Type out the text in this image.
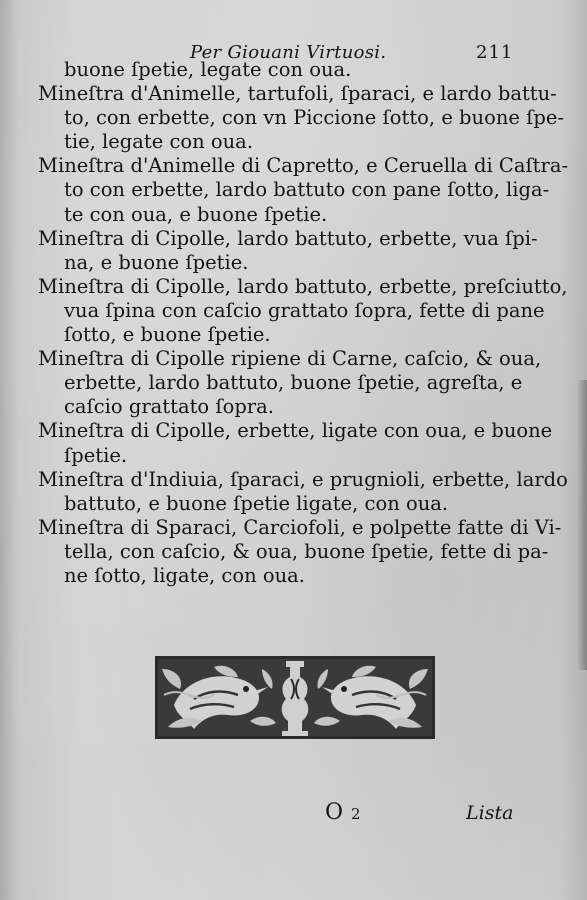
Per Giouani Virtuosi.	211
buone ſpetie, legate con oua.
Mineſtra d'Animelle, tartufoli, ſparaci, e lardo battu-
to, con erbette, con vn Piccione ſotto, e buone ſpe-
tie, legate con oua.
Mineſtra d'Animelle di Capretto, e Ceruella di Caſtra-
to con erbette, lardo battuto con pane ſotto, liga-
te con oua, e buone ſpetie.
Mineſtra di Cipolle, lardo battuto, erbette, vua ſpi-
na, e buone ſpetie.
Mineſtra di Cipolle, lardo battuto, erbette, preſciutto,
vua ſpina con caſcio grattato ſopra, fette di pane
ſotto, e buone ſpetie.
Mineſtra di Cipolle ripiene di Carne, caſcio, & oua,
erbette, lardo battuto, buone ſpetie, agreſta, e
caſcio grattato ſopra.
Mineſtra di Cipolle, erbette, ligate con oua, e buone
ſpetie.
Mineſtra d'Indiuia, ſparaci, e prugnioli, erbette, lardo
battuto, e buone ſpetie ligate, con oua.
Mineſtra di Sparaci, Carciofoli, e polpette fatte di Vi-
tella, con caſcio, & oua, buone ſpetie, fette di pa-
ne ſotto, ligate, con oua.
O 2	Lista
